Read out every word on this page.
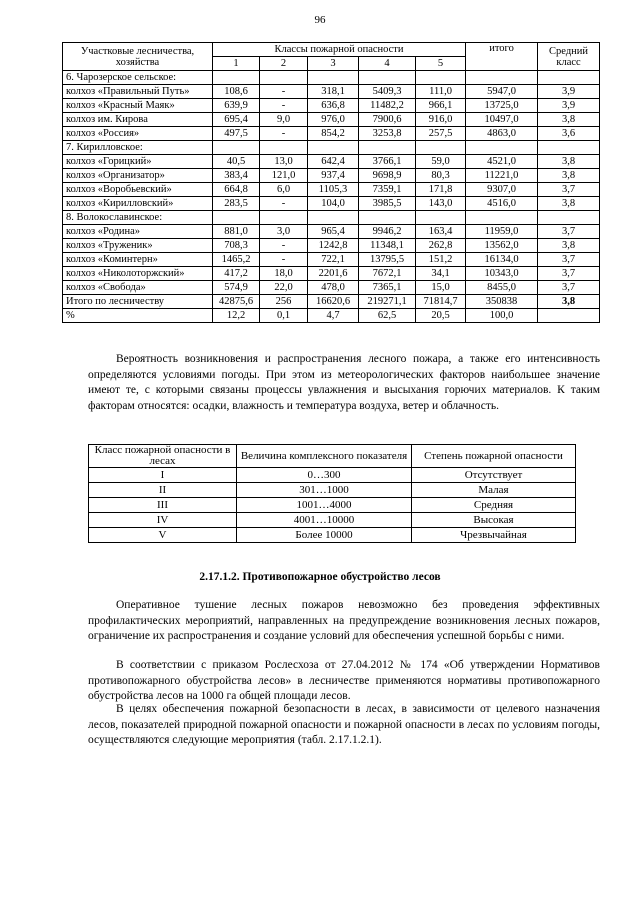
96
Участковые лесничества, хозяйства	Классы пожарной опасности					итого	Средний класс
	1	2	3	4	5		
6. Чарозерское сельское:							
колхоз «Правильный Путь»	108,6	-	318,1	5409,3	111,0	5947,0	3,9
колхоз «Красный Маяк»	639,9	-	636,8	11482,2	966,1	13725,0	3,9
колхоз им. Кирова	695,4	9,0	976,0	7900,6	916,0	10497,0	3,8
колхоз «Россия»	497,5	-	854,2	3253,8	257,5	4863,0	3,6
7. Кирилловское:							
колхоз «Горицкий»	40,5	13,0	642,4	3766,1	59,0	4521,0	3,8
колхоз «Организатор»	383,4	121,0	937,4	9698,9	80,3	11221,0	3,8
колхоз «Воробьевский»	664,8	6,0	1105,3	7359,1	171,8	9307,0	3,7
колхоз «Кирилловский»	283,5	-	104,0	3985,5	143,0	4516,0	3,8
8. Волокославинское:							
колхоз «Родина»	881,0	3,0	965,4	9946,2	163,4	11959,0	3,7
колхоз «Труженик»	708,3	-	1242,8	11348,1	262,8	13562,0	3,8
колхоз «Коминтерн»	1465,2	-	722,1	13795,5	151,2	16134,0	3,7
колхоз «Николоторжский»	417,2	18,0	2201,6	7672,1	34,1	10343,0	3,7
колхоз «Свобода»	574,9	22,0	478,0	7365,1	15,0	8455,0	3,7
Итого по лесничеству	42875,6	256	16620,6	219271,1	71814,7	350838	3,8
%	12,2	0,1	4,7	62,5	20,5	100,0	

Вероятность возникновения и распространения лесного пожара, а также его интенсивность определяются условиями погоды. При этом из метеорологических факторов наибольшее значение имеют те, с которыми связаны процессы увлажнения и высыхания горючих материалов. К таким факторам относятся: осадки, влажность и температура воздуха, ветер и облачность.

Класс пожарной опасности в лесах	Величина комплексного показателя	Степень пожарной опасности
I	0…300	Отсутствует
II	301…1000	Малая
III	1001…4000	Средняя
IV	4001…10000	Высокая
V	Более 10000	Чрезвычайная
2.17.1.2. Противопожарное обустройство лесов

Оперативное тушение лесных пожаров невозможно без проведения эффективных профилактических мероприятий, направленных на предупреждение возникновения лесных пожаров, ограничение их распространения и создание условий для обеспечения успешной борьбы с ними.

В соответствии с приказом Рослесхоза от 27.04.2012 № 174 «Об утверждении Нормативов противопожарного обустройства лесов» в лесничестве применяются нормативы противопожарного обустройства лесов на 1000 га общей площади лесов.

В целях обеспечения пожарной безопасности в лесах, в зависимости от целевого назначения лесов, показателей природной пожарной опасности и пожарной опасности в лесах по условиям погоды, осуществляются следующие мероприятия (табл. 2.17.1.2.1).
